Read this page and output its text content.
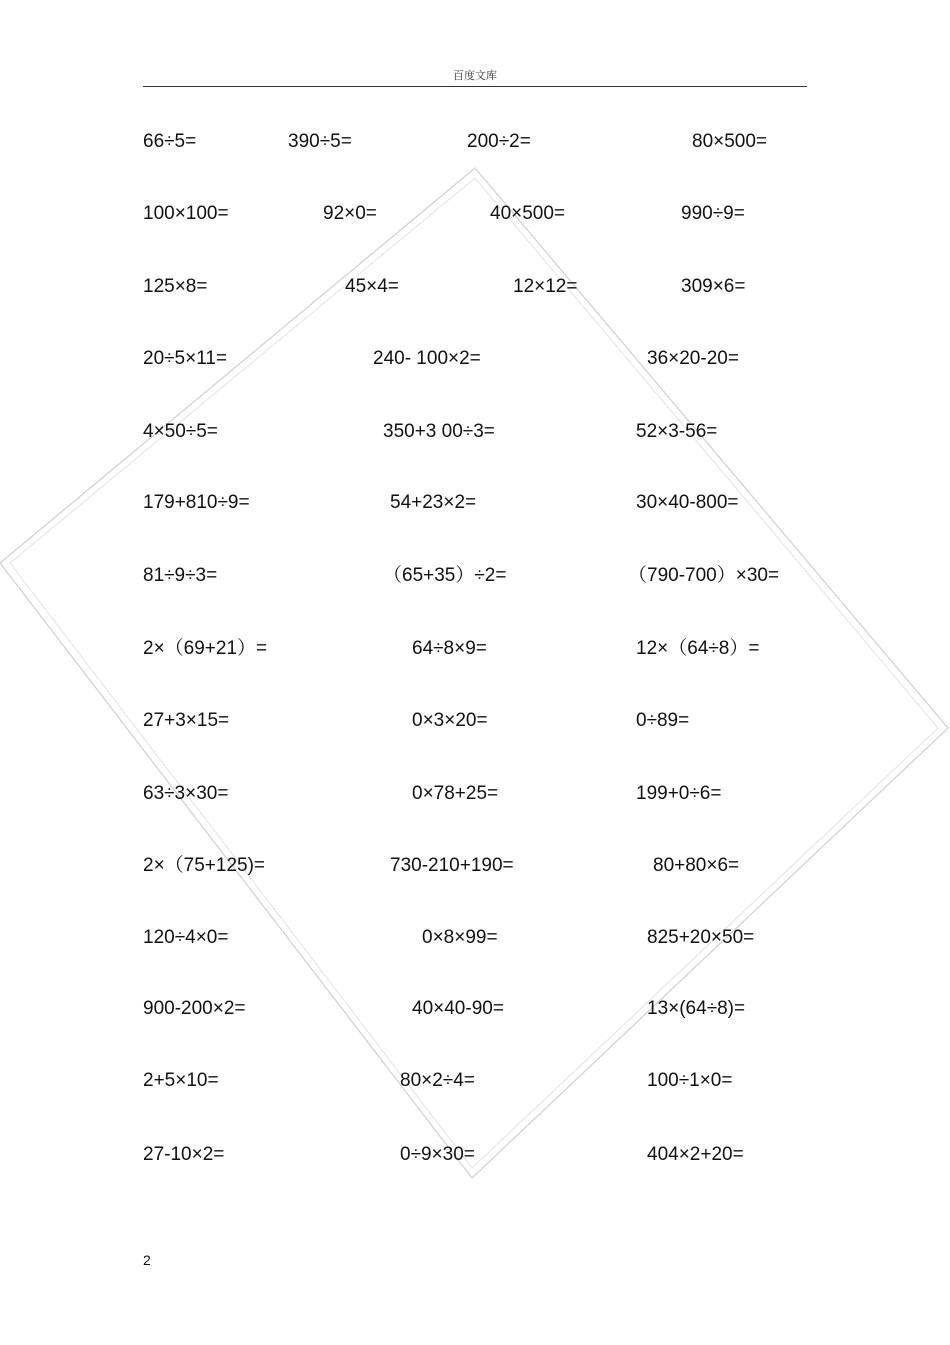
百度文库
66÷5=	390÷5=	200÷2=	80×500=
100×100=	92×0=	40×500=	990÷9=
125×8=	45×4=	12×12=	309×6=
20÷5×11=	240- 100×2=	36×20-20=
4×50÷5=	350+3 00÷3=	52×3-56=
179+810÷9=	54+23×2=	30×40-800=
81÷9÷3=	（65+35）÷2=	（790-700）×30=
2×（69+21）=	64÷8×9=	12×（64÷8）=
27+3×15=	0×3×20=	0÷89=
63÷3×30=	0×78+25=	199+0÷6=
2×（75+125)=	730-210+190=	80+80×6=
120÷4×0=	0×8×99=	825+20×50=
900-200×2=	40×40-90=	13×(64÷8)=
2+5×10=	80×2÷4=	100÷1×0=
27-10×2=	0÷9×30=	404×2+20=
2
